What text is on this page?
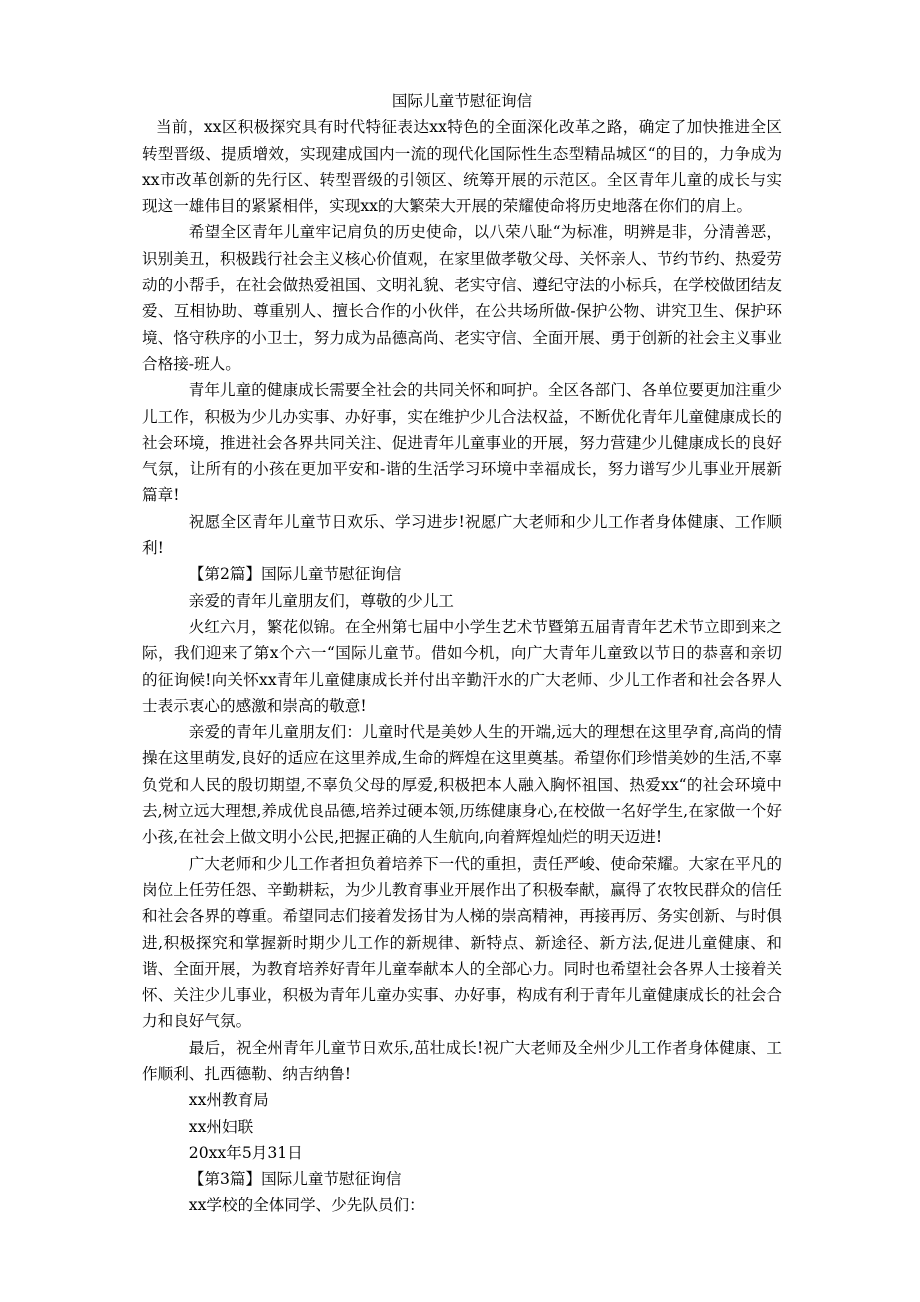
国际儿童节慰征询信

当前，xx区积极探究具有时代特征表达xx特色的全面深化改革之路，确定了加快推进全区转型晋级、提质增效，实现建成国内一流的现代化国际性生态型精品城区“的目的，力争成为xx市改革创新的先行区、转型晋级的引领区、统筹开展的示范区。全区青年儿童的成长与实现这一雄伟目的紧紧相伴，实现xx的大繁荣大开展的荣耀使命将历史地落在你们的肩上。

希望全区青年儿童牢记肩负的历史使命，以八荣八耻“为标准，明辨是非，分清善恶，识别美丑，积极践行社会主义核心价值观，在家里做孝敬父母、关怀亲人、节约节约、热爱劳动的小帮手，在社会做热爱祖国、文明礼貌、老实守信、遵纪守法的小标兵，在学校做团结友爱、互相协助、尊重别人、擅长合作的小伙伴，在公共场所做-保护公物、讲究卫生、保护环境、恪守秩序的小卫士，努力成为品德高尚、老实守信、全面开展、勇于创新的社会主义事业合格接-班人。

青年儿童的健康成长需要全社会的共同关怀和呵护。全区各部门、各单位要更加注重少儿工作，积极为少儿办实事、办好事，实在维护少儿合法权益，不断优化青年儿童健康成长的社会环境，推进社会各界共同关注、促进青年儿童事业的开展，努力营建少儿健康成长的良好气氛，让所有的小孩在更加平安和-谐的生活学习环境中幸福成长，努力谱写少儿事业开展新篇章!

祝愿全区青年儿童节日欢乐、学习进步!祝愿广大老师和少儿工作者身体健康、工作顺利!

【第2篇】国际儿童节慰征询信

亲爱的青年儿童朋友们，尊敬的少儿工

火红六月，繁花似锦。在全州第七届中小学生艺术节暨第五届青青年艺术节立即到来之际，我们迎来了第x个六一“国际儿童节。借如今机，向广大青年儿童致以节日的恭喜和亲切的征询候!向关怀xx青年儿童健康成长并付出辛勤汗水的广大老师、少儿工作者和社会各界人士表示衷心的感激和崇高的敬意!

亲爱的青年儿童朋友们：儿童时代是美妙人生的开端,远大的理想在这里孕育,高尚的情操在这里萌发,良好的适应在这里养成,生命的辉煌在这里奠基。希望你们珍惜美妙的生活,不辜负党和人民的殷切期望,不辜负父母的厚爱,积极把本人融入胸怀祖国、热爱xx“的社会环境中去,树立远大理想,养成优良品德,培养过硬本领,历练健康身心,在校做一名好学生,在家做一个好小孩,在社会上做文明小公民,把握正确的人生航向,向着辉煌灿烂的明天迈进!

广大老师和少儿工作者担负着培养下一代的重担，责任严峻、使命荣耀。大家在平凡的岗位上任劳任怨、辛勤耕耘，为少儿教育事业开展作出了积极奉献，赢得了农牧民群众的信任和社会各界的尊重。希望同志们接着发扬甘为人梯的崇高精神，再接再厉、务实创新、与时俱进,积极探究和掌握新时期少儿工作的新规律、新特点、新途径、新方法,促进儿童健康、和谐、全面开展，为教育培养好青年儿童奉献本人的全部心力。同时也希望社会各界人士接着关怀、关注少儿事业，积极为青年儿童办实事、办好事，构成有利于青年儿童健康成长的社会合力和良好气氛。

最后，祝全州青年儿童节日欢乐,茁壮成长!祝广大老师及全州少儿工作者身体健康、工作顺利、扎西德勒、纳吉纳鲁!

xx州教育局

xx州妇联

20xx年5月31日

【第3篇】国际儿童节慰征询信

xx学校的全体同学、少先队员们：
